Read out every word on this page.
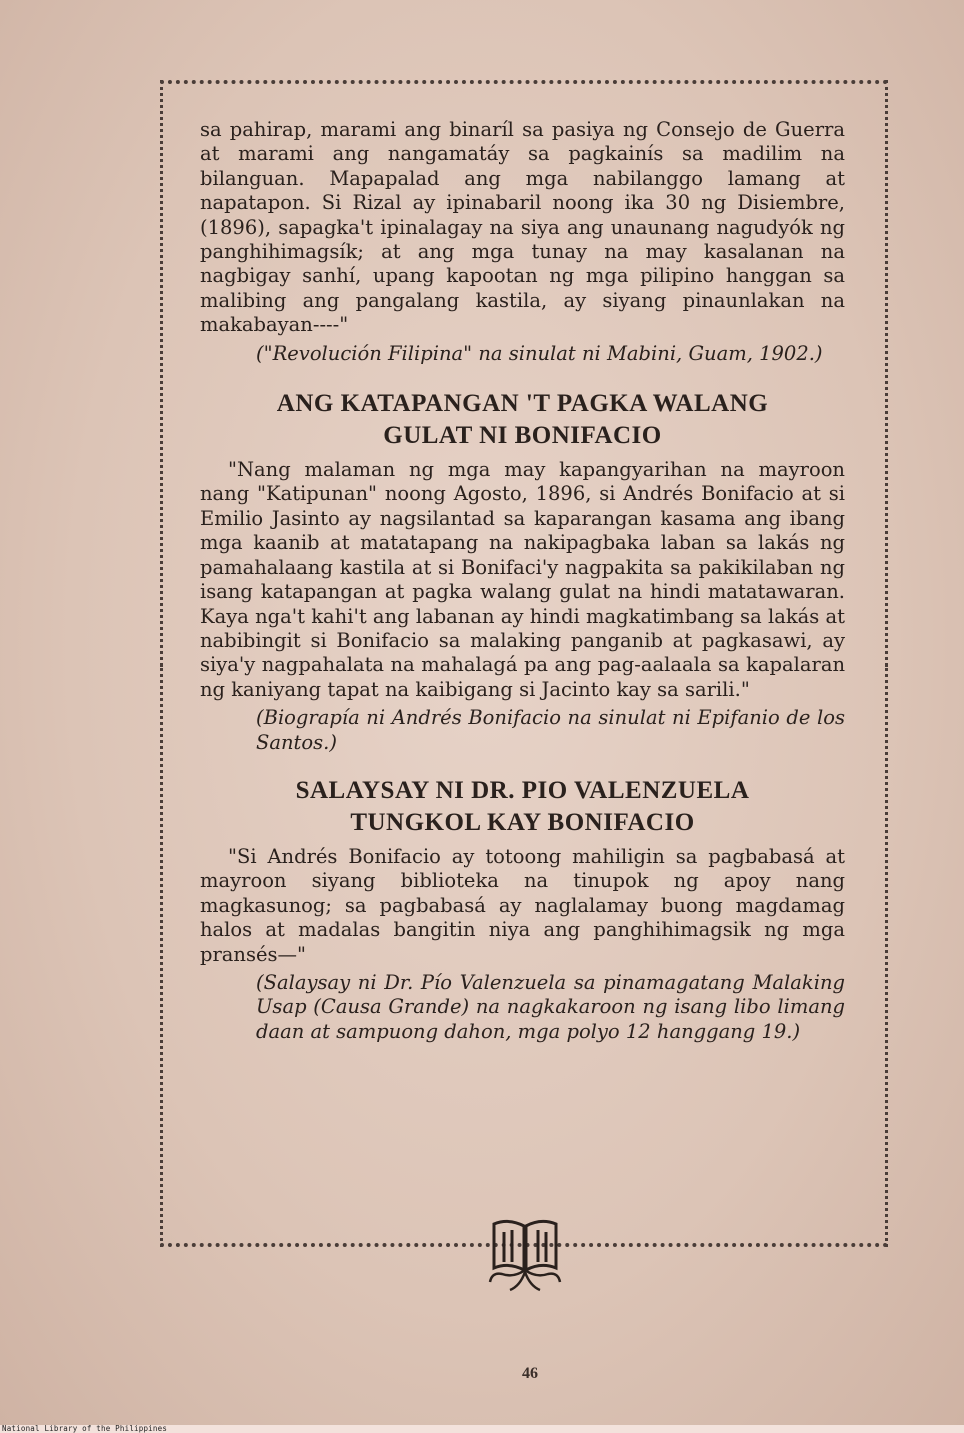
sa pahirap, marami ang binaríl sa pasiya ng Consejo de Guerra at marami ang nangamatáy sa pagkainís sa madilim na bilanguan. Mapapalad ang mga nabilanggo lamang at napatapon. Si Rizal ay ipinabaril noong ika 30 ng Disiembre, (1896), sapagka't ipinalagay na siya ang unaunang nagudyók ng panghihimagsík; at ang mga tunay na may kasalanan na nagbigay sanhí, upang kapootan ng mga pilipino hanggan sa malibing ang pangalang kastila, ay siyang pinaunlakan na makabayan----"

("Revolución Filipina" na sinulat ni Mabini, Guam, 1902.)

ANG KATAPANGAN 'T PAGKA WALANG
GULAT NI BONIFACIO

"Nang malaman ng mga may kapangyarihan na mayroon nang "Katipunan" noong Agosto, 1896, si Andrés Bonifacio at si Emilio Jasinto ay nagsilantad sa kaparangan kasama ang ibang mga kaanib at matatapang na nakipagbaka laban sa lakás ng pamahalaang kastila at si Bonifaci'y nagpakita sa pakikilaban ng isang katapangan at pagka walang gulat na hindi matatawaran. Kaya nga't kahi't ang labanan ay hindi magkatimbang sa lakás at nabibingit si Bonifacio sa malaking panganib at pagkasawi, ay siya'y nagpahalata na mahalagá pa ang pag-aalaala sa kapalaran ng kaniyang tapat na kaibigang si Jacinto kay sa sarili."

(Biograpía ni Andrés Bonifacio na sinulat ni Epifanio de los Santos.)

SALAYSAY NI DR. PIO VALENZUELA
TUNGKOL KAY BONIFACIO

"Si Andrés Bonifacio ay totoong mahiligin sa pagbabasá at mayroon siyang biblioteka na tinupok ng apoy nang magkasunog; sa pagbabasá ay naglalamay buong magdamag halos at madalas bangitin niya ang panghihimagsik ng mga pransés—"

(Salaysay ni Dr. Pío Valenzuela sa pinamagatang Malaking Usap (Causa Grande) na nagkakaroon ng isang libo limang daan at sampuong dahon, mga polyo 12 hanggang 19.)

46
National Library of the Philippines
